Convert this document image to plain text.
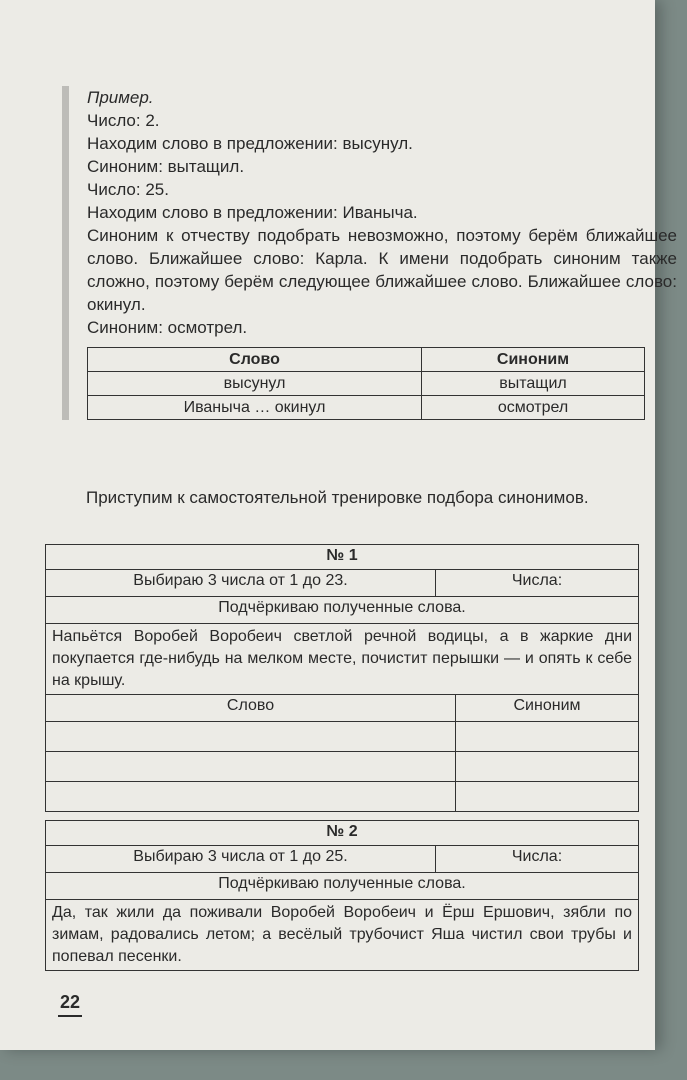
Пример.

Число: 2.

Находим слово в предложении: высунул.

Синоним: вытащил.

Число: 25.

Находим слово в предложении: Иваныча.

Синоним к отчеству подобрать невозможно, поэтому берём ближайшее слово. Ближайшее слово: Карла. К имени подобрать синоним также сложно, поэтому берём следующее ближайшее слово. Ближайшее слово: окинул.

Синоним: осмотрел.

Слово	Синоним
высунул	вытащил
Иваныча … окинул	осмотрел
Приступим к самостоятельной тренировке подбора синонимов.
№ 1
Выбираю 3 числа от 1 до 23.	Числа:
Подчёркиваю полученные слова.
Напьётся Воробей Воробеич светлой речной водицы, а в жаркие дни покупается где-нибудь на мелком месте, почистит перышки — и опять к себе на крышу.
Слово	Синоним
№ 2
Выбираю 3 числа от 1 до 25.	Числа:
Подчёркиваю полученные слова.
Да, так жили да поживали Воробей Воробеич и Ёрш Ершович, зябли по зимам, радовались летом; а весёлый трубочист Яша чистил свои трубы и попевал песенки.
22
